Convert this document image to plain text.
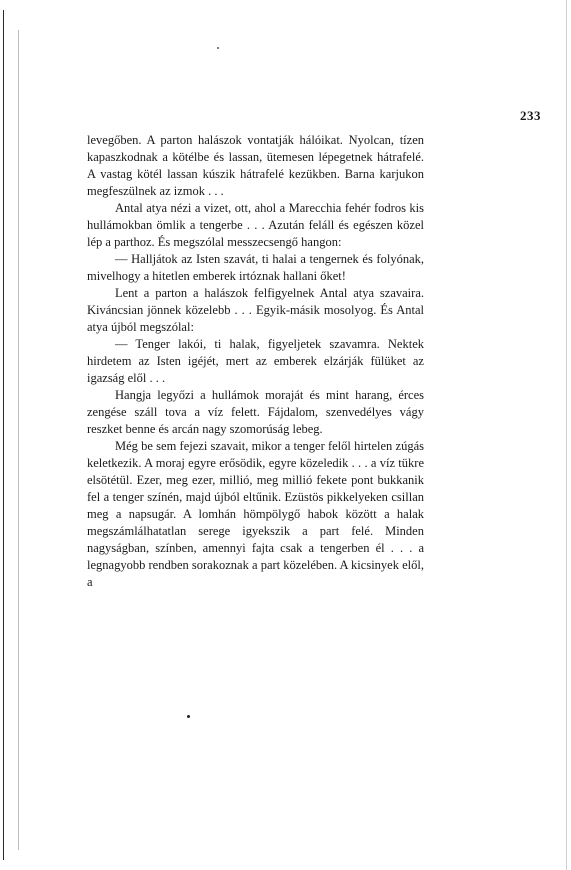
233

levegőben. A parton halászok vontatják hálóikat. Nyolcan, tízen kapaszkodnak a kötélbe és lassan, ütemesen lépegetnek hátrafelé. A vastag kötél lassan kúszik hátrafelé kezükben. Barna karjukon megfeszülnek az izmok . . .

Antal atya nézi a vizet, ott, ahol a Marecchia fehér fodros kis hullámokban ömlik a tengerbe . . . Azután feláll és egészen közel lép a parthoz. És megszólal messzecsengő hangon:

— Halljátok az Isten szavát, ti halai a tengernek és folyónak, mivelhogy a hitetlen emberek irtóznak hallani őket!

Lent a parton a halászok felfigyelnek Antal atya szavaira. Kiváncsian jönnek közelebb . . . Egyik-másik mosolyog. És Antal atya újból megszólal:

— Tenger lakói, ti halak, figyeljetek szavamra. Nektek hirdetem az Isten igéjét, mert az emberek elzárják fülüket az igazság elől . . .

Hangja legyőzi a hullámok moraját és mint harang, érces zengése száll tova a víz felett. Fájdalom, szenvedélyes vágy reszket benne és arcán nagy szomorúság lebeg.

Még be sem fejezi szavait, mikor a tenger felől hirtelen zúgás keletkezik. A moraj egyre erősödik, egyre közeledik . . . a víz tükre elsötétül. Ezer, meg ezer, millió, meg millió fekete pont bukkanik fel a tenger színén, majd újból eltűnik. Ezüstös pikkelyeken csillan meg a napsugár. A lomhán hömpölygő habok között a halak megszámlálhatatlan serege igyekszik a part felé. Minden nagyságban, színben, amennyi fajta csak a tengerben él . . . a legnagyobb rendben sorakoznak a part közelében. A kicsinyek elől, a
